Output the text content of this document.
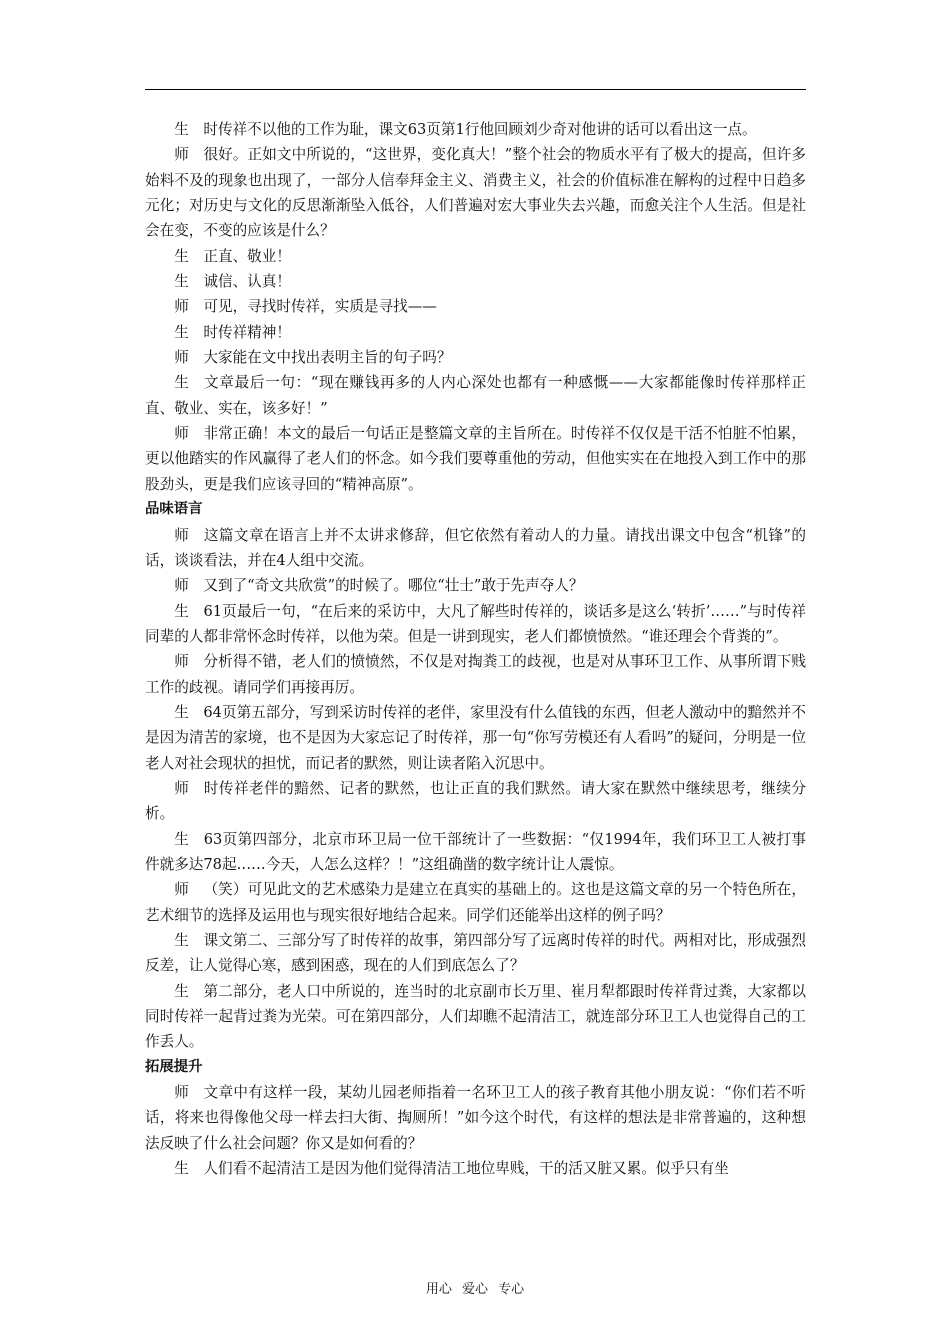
生 时传祥不以他的工作为耻，课文63页第1行他回顾刘少奇对他讲的话可以看出这一点。

师 很好。正如文中所说的，“这世界，变化真大！”整个社会的物质水平有了极大的提高，但许多始料不及的现象也出现了，一部分人信奉拜金主义、消费主义，社会的价值标准在解构的过程中日趋多元化；对历史与文化的反思渐渐坠入低谷，人们普遍对宏大事业失去兴趣，而愈关注个人生活。但是社会在变，不变的应该是什么？

生 正直、敬业！

生 诚信、认真！

师 可见，寻找时传祥，实质是寻找——

生 时传祥精神！

师 大家能在文中找出表明主旨的句子吗？

生 文章最后一句：“现在赚钱再多的人内心深处也都有一种感慨——大家都能像时传祥那样正直、敬业、实在，该多好！”

师 非常正确！本文的最后一句话正是整篇文章的主旨所在。时传祥不仅仅是干活不怕脏不怕累，更以他踏实的作风赢得了老人们的怀念。如今我们要尊重他的劳动，但他实实在在地投入到工作中的那股劲头，更是我们应该寻回的“精神高原”。

品味语言

师 这篇文章在语言上并不太讲求修辞，但它依然有着动人的力量。请找出课文中包含“机锋”的话，谈谈看法，并在4人组中交流。

师 又到了“奇文共欣赏”的时候了。哪位“壮士”敢于先声夺人？

生 61页最后一句，“在后来的采访中，大凡了解些时传祥的，谈话多是这么‘转折’……”与时传祥同辈的人都非常怀念时传祥，以他为荣。但是一讲到现实，老人们都愤愤然。“谁还理会个背粪的”。

师 分析得不错，老人们的愤愤然，不仅是对掏粪工的歧视，也是对从事环卫工作、从事所谓下贱工作的歧视。请同学们再接再厉。

生 64页第五部分，写到采访时传祥的老伴，家里没有什么值钱的东西，但老人激动中的黯然并不是因为清苦的家境，也不是因为大家忘记了时传祥，那一句“你写劳模还有人看吗”的疑问，分明是一位老人对社会现状的担忧，而记者的默然，则让读者陷入沉思中。

师 时传祥老伴的黯然、记者的默然，也让正直的我们默然。请大家在默然中继续思考，继续分析。

生 63页第四部分，北京市环卫局一位干部统计了一些数据：“仅1994年，我们环卫工人被打事件就多达78起……今天，人怎么这样？！”这组确凿的数字统计让人震惊。

师 （笑）可见此文的艺术感染力是建立在真实的基础上的。这也是这篇文章的另一个特色所在，艺术细节的选择及运用也与现实很好地结合起来。同学们还能举出这样的例子吗？

生 课文第二、三部分写了时传祥的故事，第四部分写了远离时传祥的时代。两相对比，形成强烈反差，让人觉得心寒，感到困惑，现在的人们到底怎么了？

生 第二部分，老人口中所说的，连当时的北京副市长万里、崔月犁都跟时传祥背过粪，大家都以同时传祥一起背过粪为光荣。可在第四部分，人们却瞧不起清洁工，就连部分环卫工人也觉得自己的工作丢人。

拓展提升

师 文章中有这样一段，某幼儿园老师指着一名环卫工人的孩子教育其他小朋友说：“你们若不听话，将来也得像他父母一样去扫大街、掏厕所！”如今这个时代，有这样的想法是非常普遍的，这种想法反映了什么社会问题？你又是如何看的？

生 人们看不起清洁工是因为他们觉得清洁工地位卑贱，干的活又脏又累。似乎只有坐

用心 爱心 专心
